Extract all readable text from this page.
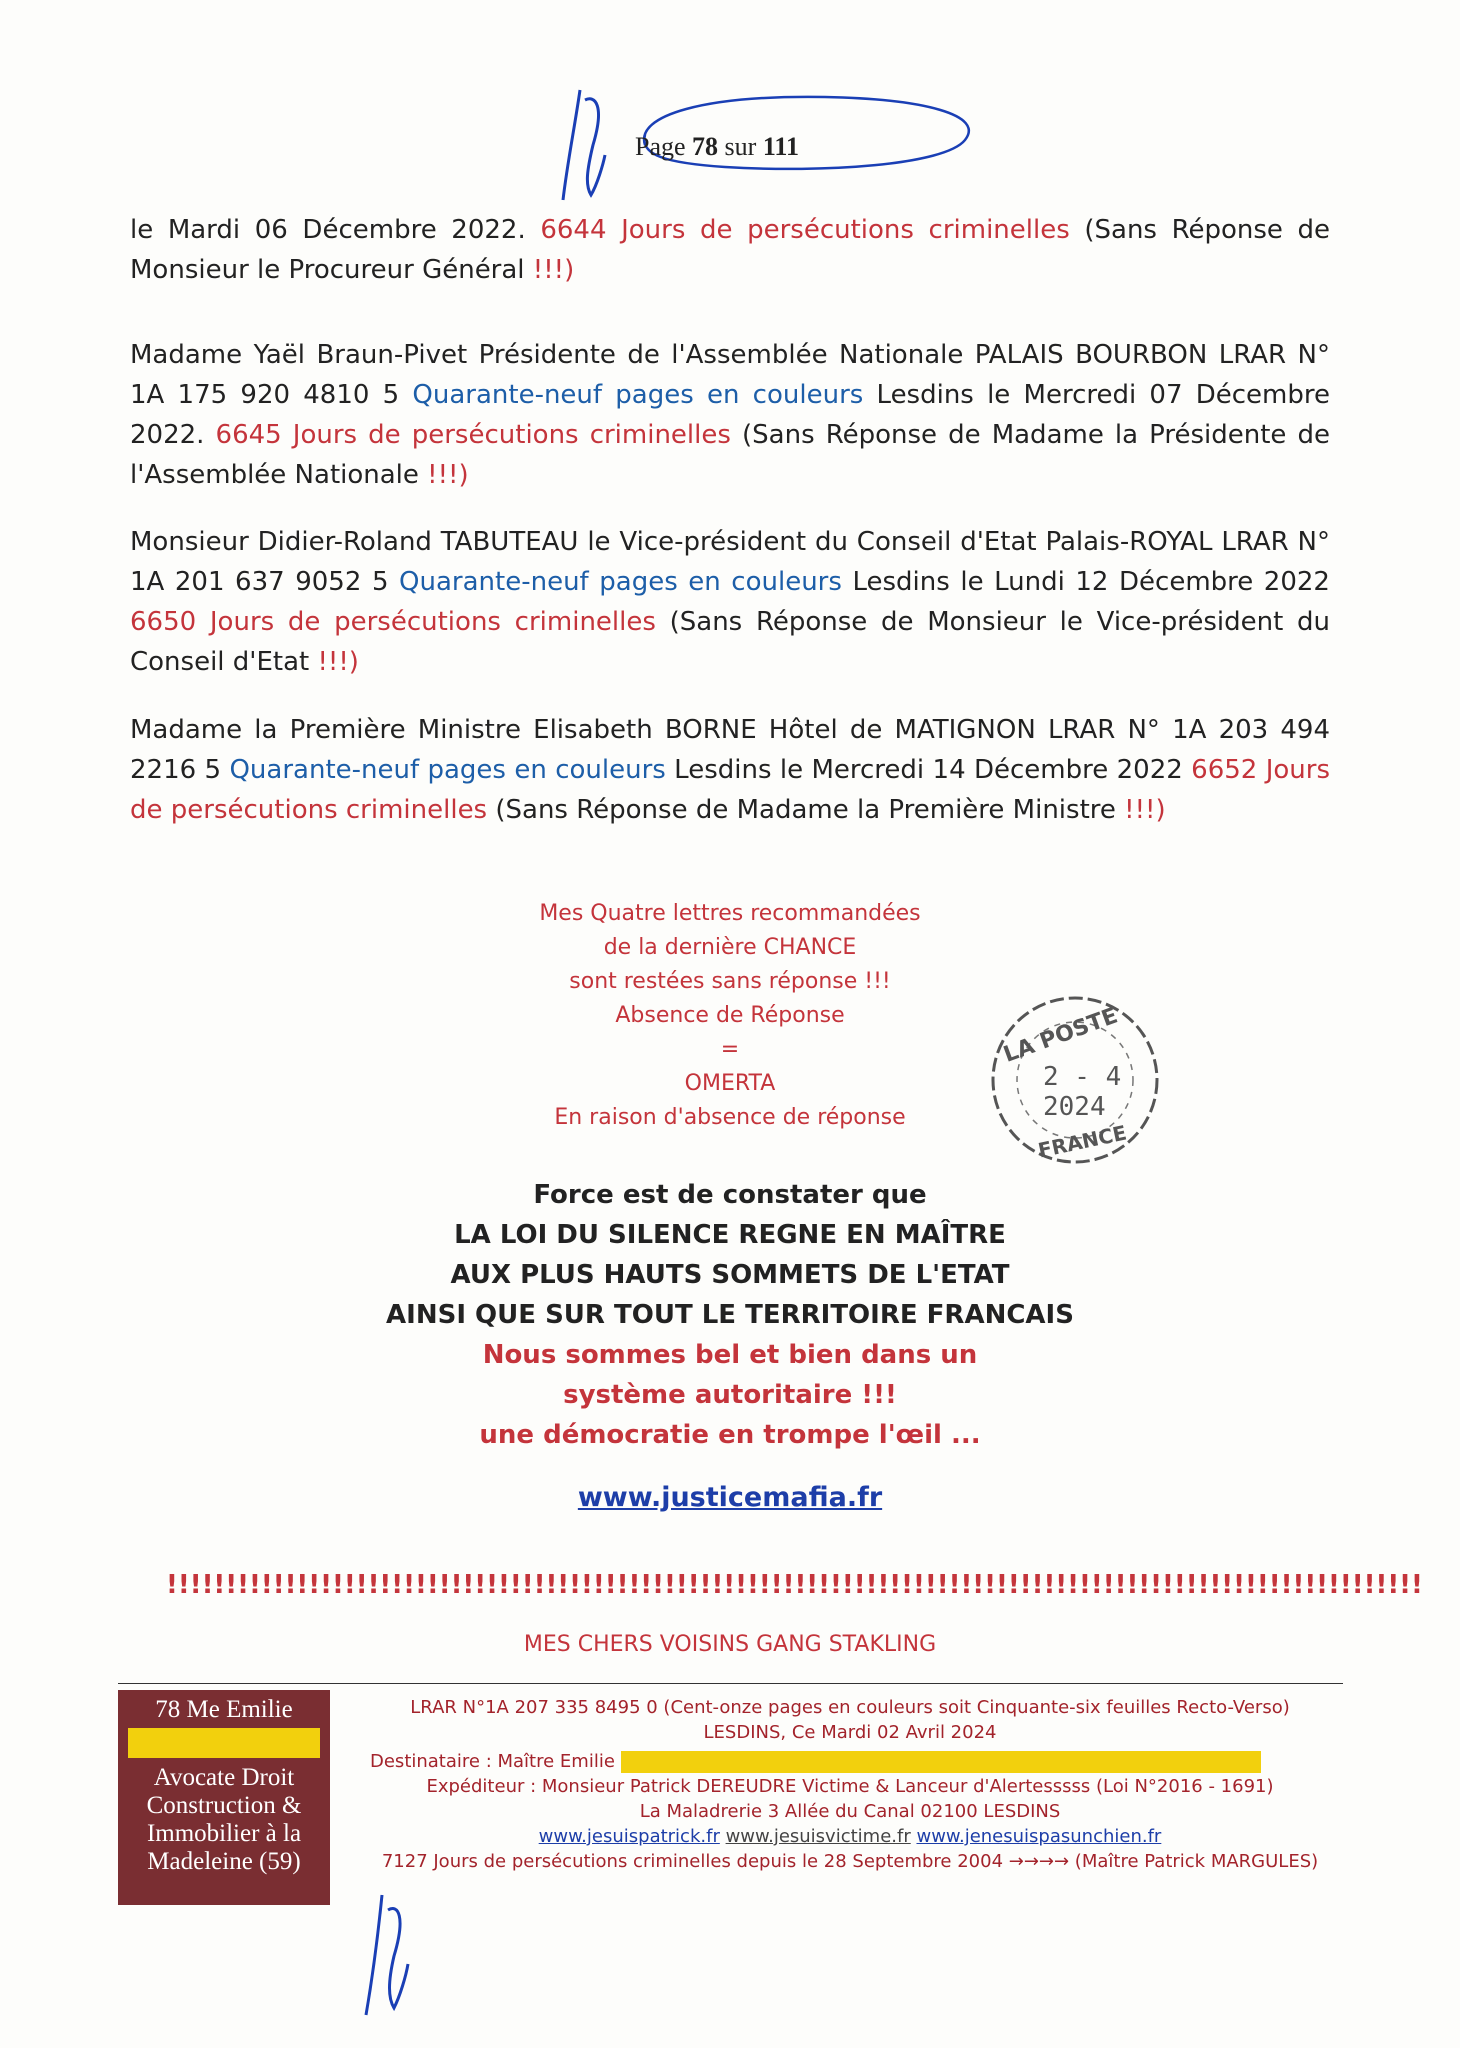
Page 78 sur 111

le Mardi 06 Décembre 2022. 6644 Jours de persécutions criminelles (Sans Réponse de Monsieur le Procureur Général !!!)

Madame Yaël Braun-Pivet Présidente de l'Assemblée Nationale PALAIS BOURBON LRAR N° 1A 175 920 4810 5 Quarante-neuf pages en couleurs Lesdins le Mercredi 07 Décembre 2022. 6645 Jours de persécutions criminelles (Sans Réponse de Madame la Présidente de l'Assemblée Nationale !!!)

Monsieur Didier-Roland TABUTEAU le Vice-président du Conseil d'Etat Palais-ROYAL LRAR N° 1A 201 637 9052 5 Quarante-neuf pages en couleurs Lesdins le Lundi 12 Décembre 2022 6650 Jours de persécutions criminelles (Sans Réponse de Monsieur le Vice-président du Conseil d'Etat !!!)

Madame la Première Ministre Elisabeth BORNE Hôtel de MATIGNON LRAR N° 1A 203 494 2216 5 Quarante-neuf pages en couleurs Lesdins le Mercredi 14 Décembre 2022 6652 Jours de persécutions criminelles (Sans Réponse de Madame la Première Ministre !!!)

Mes Quatre lettres recommandées
de la dernière CHANCE
sont restées sans réponse !!!
Absence de Réponse
=
OMERTA
En raison d'absence de réponse
LA POSTE
2 - 4
2024
FRANCE
Force est de constater que
LA LOI DU SILENCE REGNE EN MAÎTRE
AUX PLUS HAUTS SOMMETS DE L'ETAT
AINSI QUE SUR TOUT LE TERRITOIRE FRANCAIS
Nous sommes bel et bien dans un
système autoritaire !!!
une démocratie en trompe l'œil ...
www.justicemafia.fr
!!!!!!!!!!!!!!!!!!!!!!!!!!!!!!!!!!!!!!!!!!!!!!!!!!!!!!!!!!!!!!!!!!!!!!!!!!!!!!!!!!!!!!!!!!!!!!!!!!!!!!!!!!
MES CHERS VOISINS GANG STAKLING
78 Me Emilie
Avocate Droit
Construction &
Immobilier à la
Madeleine (59)
LRAR N°1A 207 335 8495 0 (Cent-onze pages en couleurs soit Cinquante-six feuilles Recto-Verso)
LESDINS, Ce Mardi 02 Avril 2024
Destinataire : Maître Emilie
Expéditeur : Monsieur Patrick DEREUDRE Victime & Lanceur d'Alertesssss (Loi N°2016 - 1691)
La Maladrerie 3 Allée du Canal 02100 LESDINS
www.jesuispatrick.fr www.jesuisvictime.fr www.jenesuispasunchien.fr
7127 Jours de persécutions criminelles depuis le 28 Septembre 2004 →→→→ (Maître Patrick MARGULES)
